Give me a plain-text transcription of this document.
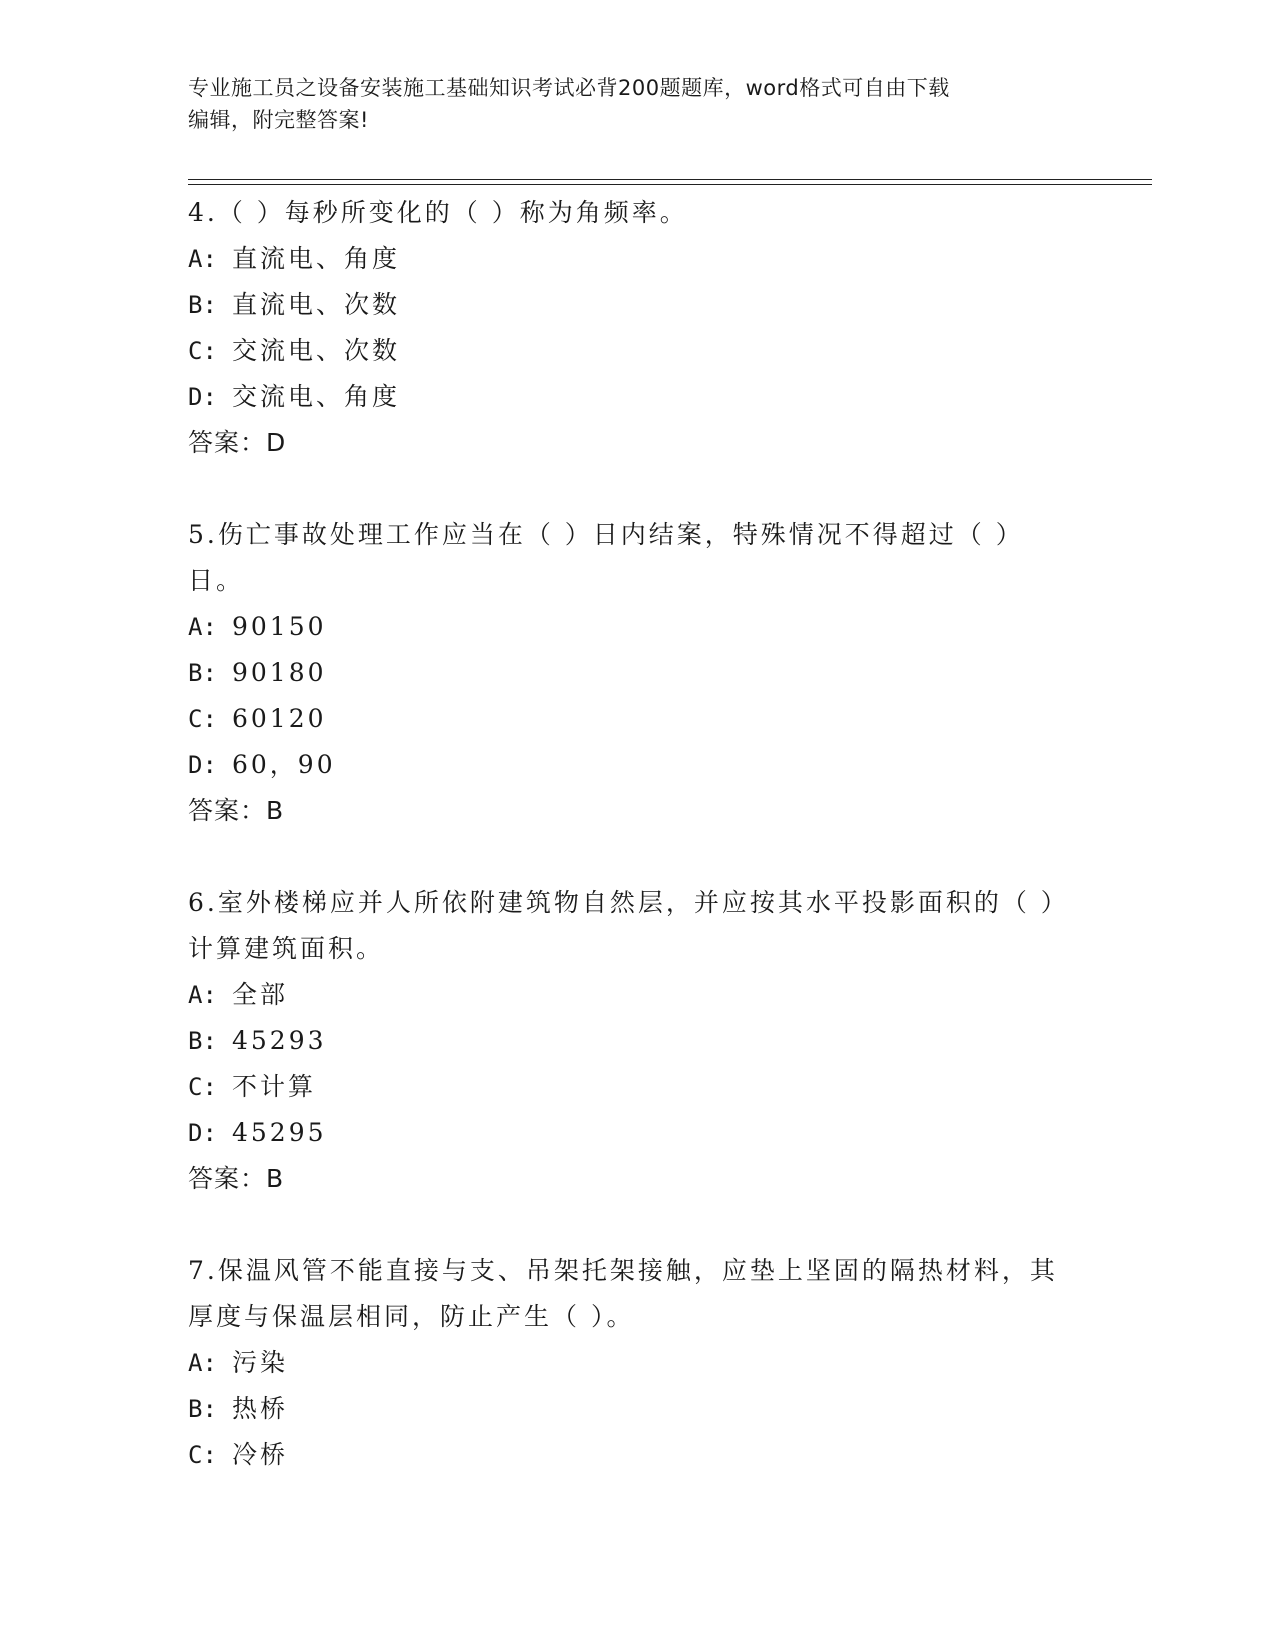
专业施工员之设备安装施工基础知识考试必背200题题库，word格式可自由下载
编辑，附完整答案!
4.（ ）每秒所变化的（ ）称为角频率。
A: 直流电、角度
B: 直流电、次数
C: 交流电、次数
D: 交流电、角度
答案：D
5.伤亡事故处理工作应当在（ ）日内结案，特殊情况不得超过（ ）日。
A: 90150
B: 90180
C: 60120
D: 60，90
答案：B
6.室外楼梯应并人所依附建筑物自然层，并应按其水平投影面积的（ ）计算建筑面积。
A: 全部
B: 45293
C: 不计算
D: 45295
答案：B
7.保温风管不能直接与支、吊架托架接触，应垫上坚固的隔热材料，其厚度与保温层相同，防止产生（ ）。
A: 污染
B: 热桥
C: 冷桥
